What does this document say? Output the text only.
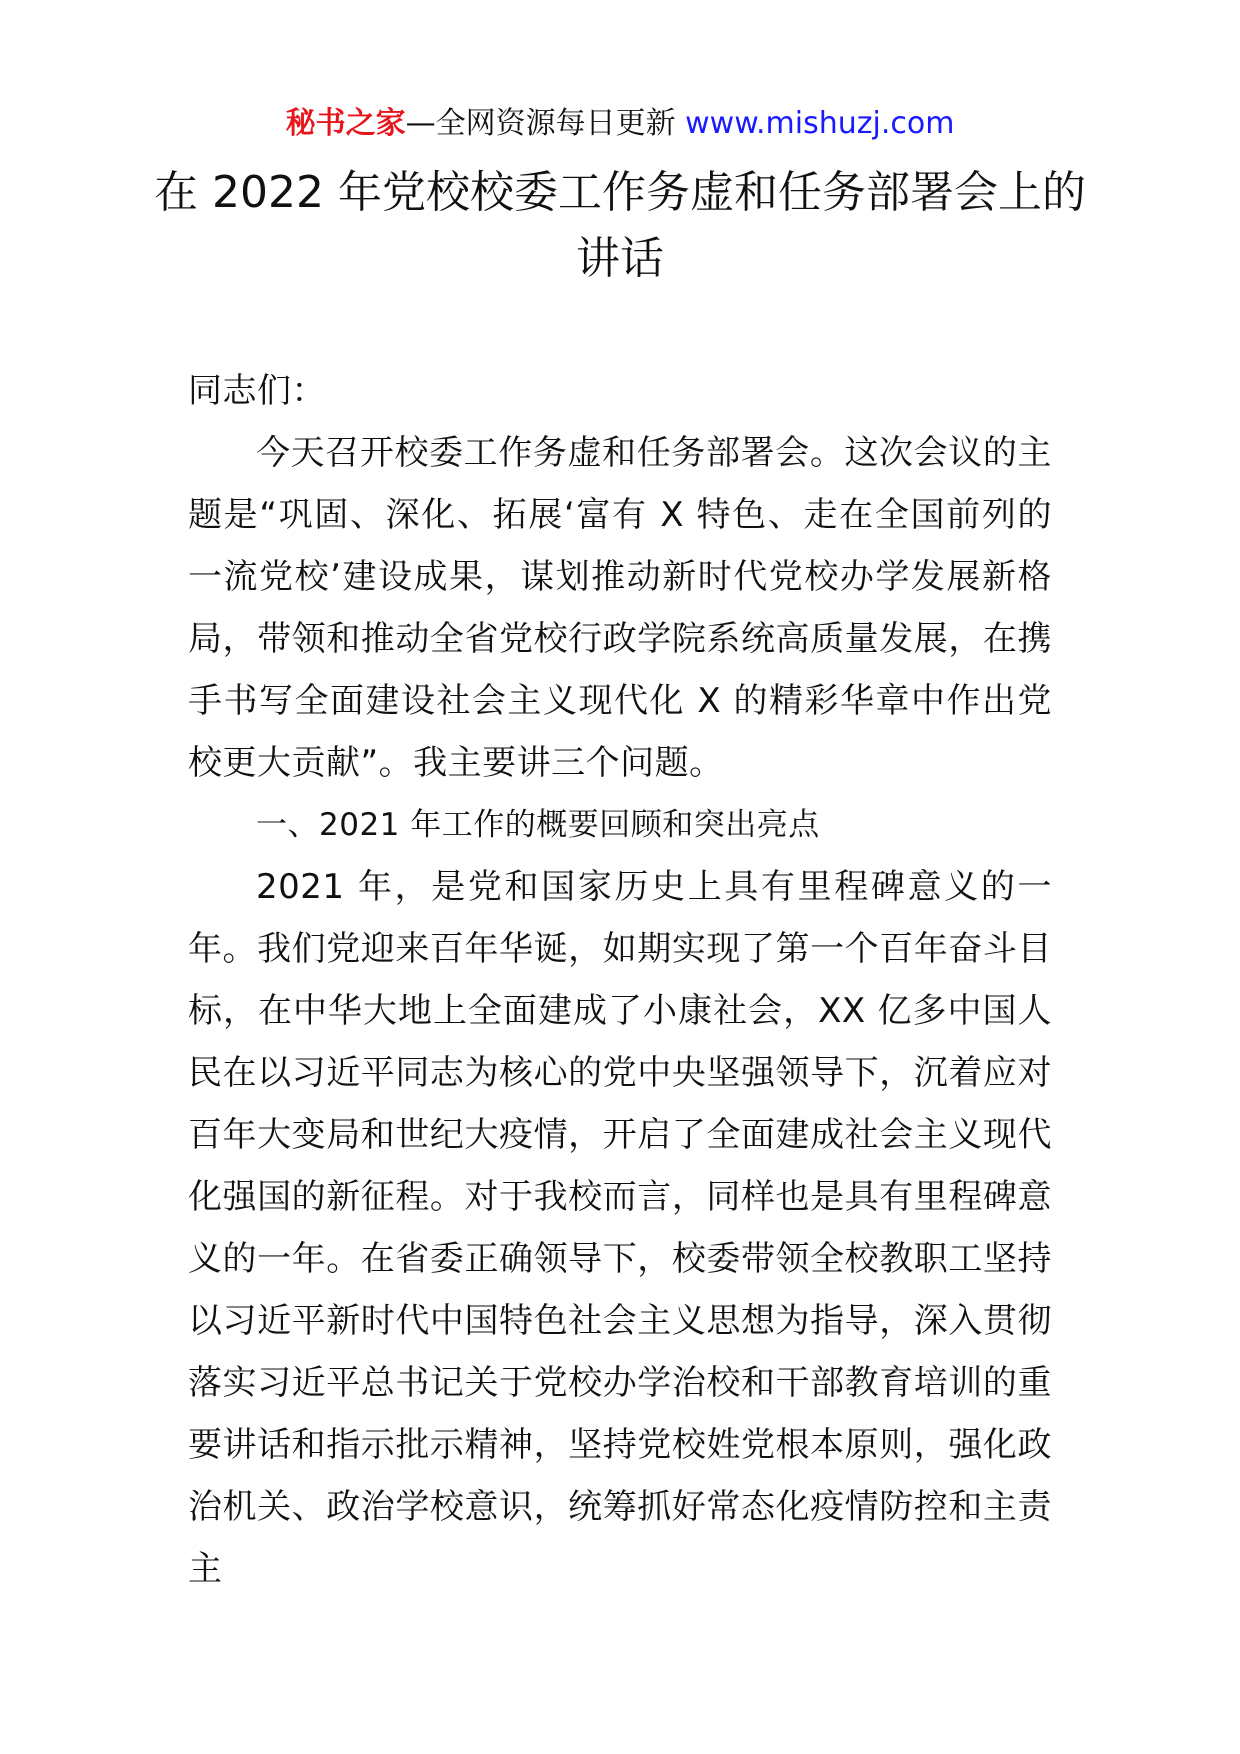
秘书之家—全网资源每日更新 www.mishuzj.com
在 2022 年党校校委工作务虚和任务部署会上的讲话

同志们：

今天召开校委工作务虚和任务部署会。这次会议的主题是“巩固、深化、拓展‘富有 X 特色、走在全国前列的一流党校’建设成果，谋划推动新时代党校办学发展新格局，带领和推动全省党校行政学院系统高质量发展，在携手书写全面建设社会主义现代化 X 的精彩华章中作出党校更大贡献”。我主要讲三个问题。

一、2021 年工作的概要回顾和突出亮点

2021 年，是党和国家历史上具有里程碑意义的一年。我们党迎来百年华诞，如期实现了第一个百年奋斗目标，在中华大地上全面建成了小康社会，XX 亿多中国人民在以习近平同志为核心的党中央坚强领导下，沉着应对百年大变局和世纪大疫情，开启了全面建成社会主义现代化强国的新征程。对于我校而言，同样也是具有里程碑意义的一年。在省委正确领导下，校委带领全校教职工坚持以习近平新时代中国特色社会主义思想为指导，深入贯彻落实习近平总书记关于党校办学治校和干部教育培训的重要讲话和指示批示精神，坚持党校姓党根本原则，强化政治机关、政治学校意识，统筹抓好常态化疫情防控和主责主
